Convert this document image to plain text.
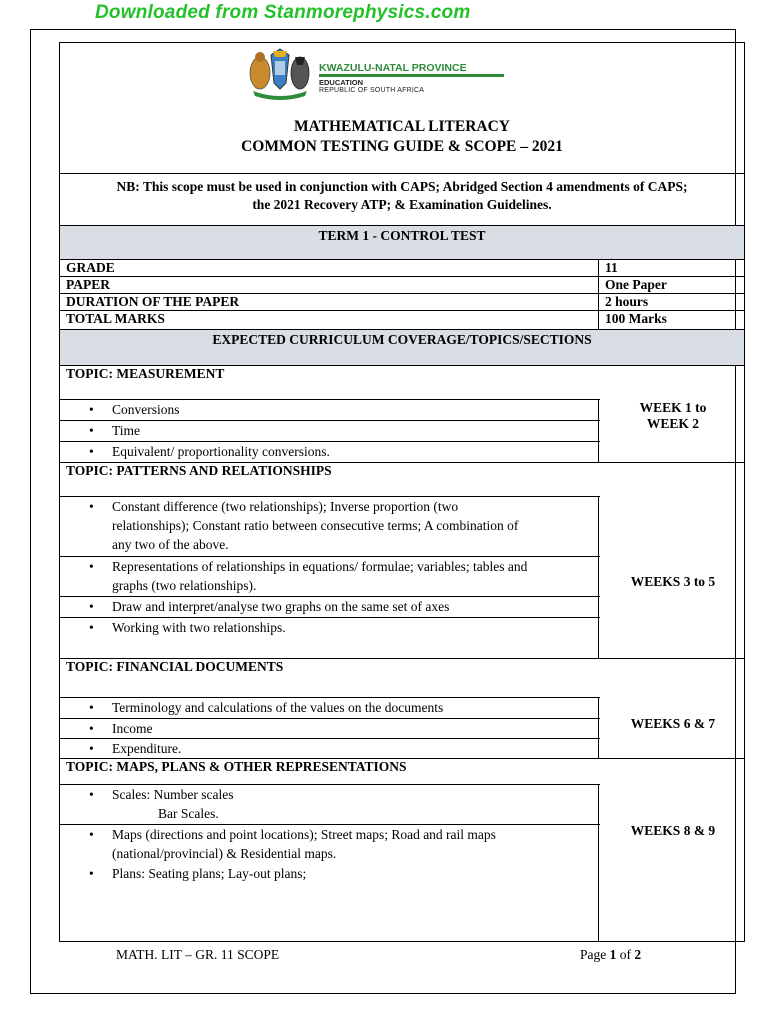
Downloaded from Stanmorephysics.com
KWAZULU-NATAL PROVINCE
EDUCATION
REPUBLIC OF SOUTH AFRICA
MATHEMATICAL LITERACY
COMMON TESTING GUIDE & SCOPE – 2021
NB: This scope must be used in conjunction with CAPS; Abridged Section 4 amendments of CAPS;
the 2021 Recovery ATP; & Examination Guidelines.
TERM 1 - CONTROL TEST
GRADE	11
PAPER	One Paper
DURATION OF THE PAPER	2 hours
TOTAL MARKS	100 Marks
EXPECTED CURRICULUM COVERAGE/TOPICS/SECTIONS
TOPIC: MEASUREMENT
• Conversions
• Time
• Equivalent/ proportionality conversions.
WEEK 1 to
WEEK 2
TOPIC: PATTERNS AND RELATIONSHIPS
• Constant difference (two relationships); Inverse proportion (two
relationships); Constant ratio between consecutive terms; A combination of
any two of the above.
• Representations of relationships in equations/ formulae; variables; tables and
graphs (two relationships).
• Draw and interpret/analyse two graphs on the same set of axes
• Working with two relationships.
WEEKS 3 to 5
TOPIC: FINANCIAL DOCUMENTS
• Terminology and calculations of the values on the documents
• Income
• Expenditure.
WEEKS 6 & 7
TOPIC: MAPS, PLANS & OTHER REPRESENTATIONS
• Scales: Number scales
Bar Scales.
• Maps (directions and point locations); Street maps; Road and rail maps
(national/provincial) & Residential maps.
• Plans: Seating plans; Lay-out plans;
WEEKS 8 & 9
MATH. LIT – GR. 11 SCOPE	Page 1 of 2
